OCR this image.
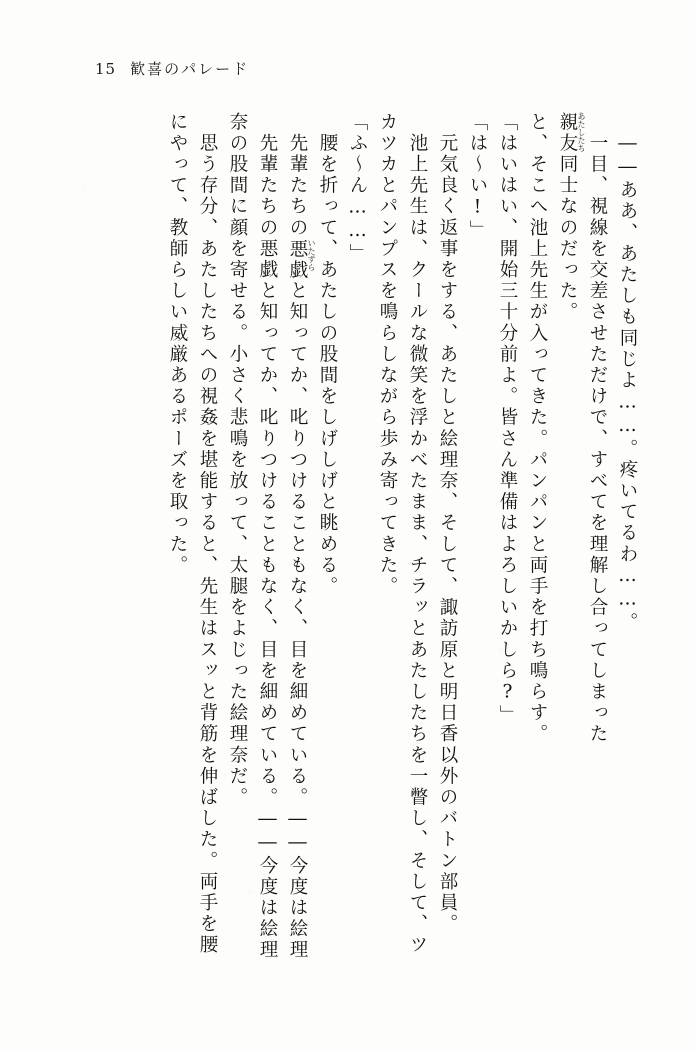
15 歓喜のパレード
　――ああ、あたしも同じよ……。疼いてるわ……。
　一目、視線を交差させただけで、すべてを理解し合ってしまった
親友同士 あたしたち
なのだった。
と、そこへ池上先生が入ってきた。パンパンと両手を打ち鳴らす。
「はいはい、開始三十分前よ。皆さん準備はよろしいかしら?」
「は～い!」
　元気良く返事をする、あたしと絵理奈、そして、諏訪原と明日香以外のバトン部員。
　池上先生は、クールな微笑を浮かべたまま、チラッとあたしたちを一瞥し、そして、ツ
カツカとパンプスを鳴らしながら歩み寄ってきた。
「ふ～ん……」
　腰を折って、あたしの股間をしげしげと眺める。
　先輩たちの悪戯 いたずら
と知ってか、叱りつけることもなく、目を細めている。――今度は絵理
　先輩たちの悪戯と知ってか、叱りつけることもなく、目を細めている。――今度は絵理
奈の股間に顔を寄せる。小さく悲鳴を放って、太腿をよじった絵理奈だ。
　思う存分、あたしたちへの視姦を堪能すると、先生はスッと背筋を伸ばした。両手を腰
にやって、教師らしい威厳あるポーズを取った。
